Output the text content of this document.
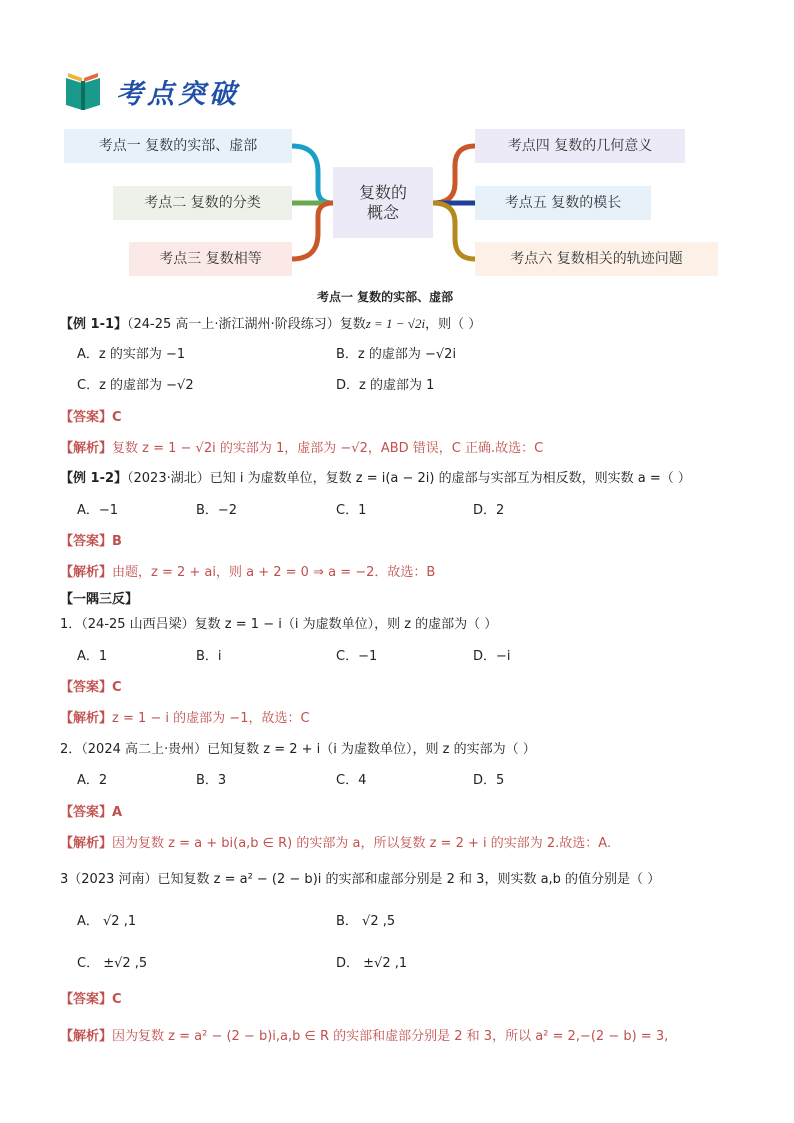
考点突破
考点一 复数的实部、虚部
考点二 复数的分类
考点三 复数相等
复数的
概念
考点四 复数的几何意义
考点五 复数的模长
考点六 复数相关的轨迹问题
考点一 复数的实部、虚部
【例 1-1】（24-25 高一上·浙江湖州·阶段练习）复数z = 1 − √2i，则（ ）
A．z 的实部为 −1	B．z 的虚部为 −√2i
C．z 的虚部为 −√2	D．z 的虚部为 1
【答案】C
【解析】复数 z = 1 − √2i 的实部为 1，虚部为 −√2，ABD 错误，C 正确.故选：C
【例 1-2】（2023·湖北）已知 i 为虚数单位，复数 z = i(a − 2i) 的虚部与实部互为相反数，则实数 a =（ ）
A．−1	B．−2	C．1	D．2
【答案】B
【解析】由题，z = 2 + ai，则 a + 2 = 0 ⇒ a = −2．故选：B
【一隅三反】
1．（24-25 山西吕梁）复数 z = 1 − i（i 为虚数单位），则 z 的虚部为（ ）
A．1	B．i	C．−1	D．−i
【答案】C
【解析】z = 1 − i 的虚部为 −1，故选：C
2．（2024 高二上·贵州）已知复数 z = 2 + i（i 为虚数单位），则 z 的实部为（ ）
A．2	B．3	C．4	D．5
【答案】A
【解析】因为复数 z = a + bi(a,b ∈ R) 的实部为 a，所以复数 z = 2 + i 的实部为 2.故选：A.
3（2023 河南）已知复数 z = a² − (2 − b)i 的实部和虚部分别是 2 和 3，则实数 a,b 的值分别是（ ）
A． √2 ,1	B． √2 ,5
C． ±√2 ,5	D． ±√2 ,1
【答案】C
【解析】因为复数 z = a² − (2 − b)i,a,b ∈ R 的实部和虚部分别是 2 和 3，所以 a² = 2,−(2 − b) = 3,
